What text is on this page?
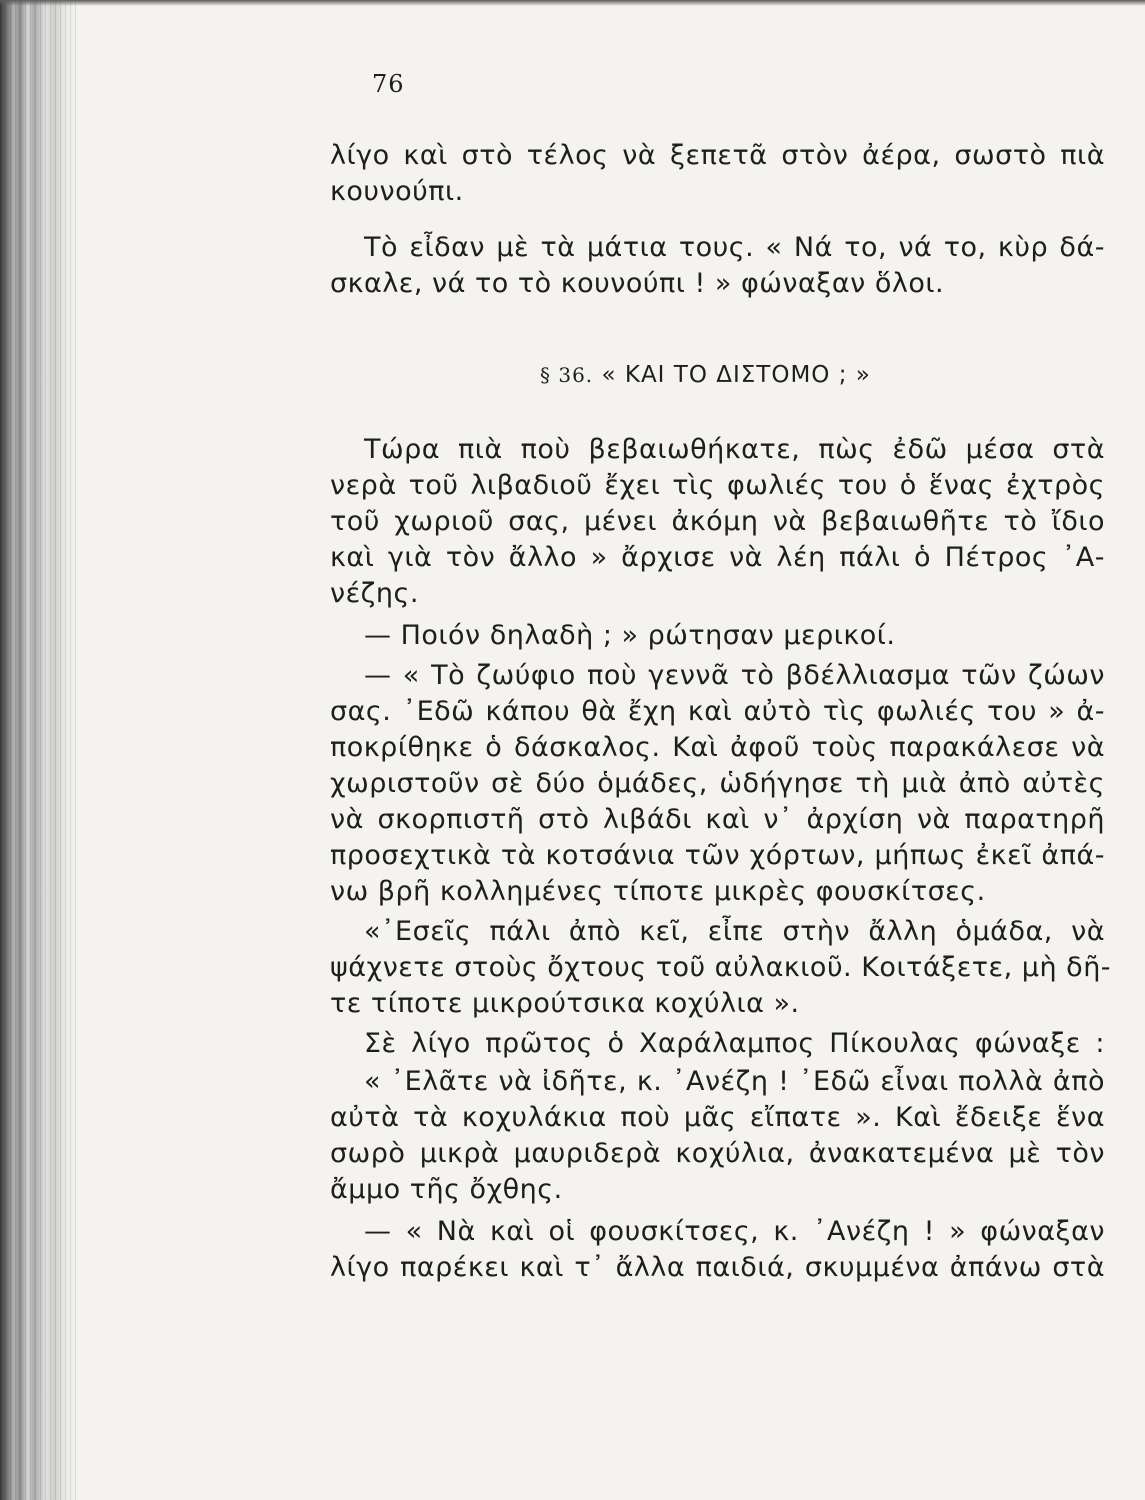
76
λίγο καὶ στὸ τέλος νὰ ξεπετᾶ στὸν ἀέρα, σωστὸ πιὰ
κουνούπι.
Τὸ εἶδαν μὲ τὰ μάτια τους. « Νά το, νά το, κὺρ δά-
σκαλε, νά το τὸ κουνούπι ! » φώναξαν ὅλοι.
§ 36. « ΚΑΙ ΤΟ ΔΙΣΤΟΜΟ ; »
Τώρα πιὰ ποὺ βεβαιωθήκατε, πὼς ἐδῶ μέσα στὰ
νερὰ τοῦ λιβαδιοῦ ἔχει τὶς φωλιές του ὁ ἕνας ἐχτρὸς
τοῦ χωριοῦ σας, μένει ἀκόμη νὰ βεβαιωθῆτε τὸ ἴδιο
καὶ γιὰ τὸν ἄλλο » ἄρχισε νὰ λέη πάλι ὁ Πέτρος ᾿Α-
νέζης.
— Ποιόν δηλαδὴ ; » ρώτησαν μερικοί.
— « Τὸ ζωύφιο ποὺ γεννᾶ τὸ βδέλλιασμα τῶν ζώων
σας. ᾿Εδῶ κάπου θὰ ἔχη καὶ αὐτὸ τὶς φωλιές του » ἀ-
ποκρίθηκε ὁ δάσκαλος. Καὶ ἀφοῦ τοὺς παρακάλεσε νὰ
χωριστοῦν σὲ δύο ὁμάδες, ὡδήγησε τὴ μιὰ ἀπὸ αὐτὲς
νὰ σκορπιστῆ στὸ λιβάδι καὶ ν᾿ ἀρχίση νὰ παρατηρῆ
προσεχτικὰ τὰ κοτσάνια τῶν χόρτων, μήπως ἐκεῖ ἀπά-
νω βρῆ κολλημένες τίποτε μικρὲς φουσκίτσες.
«᾿Εσεῖς πάλι ἀπὸ κεῖ, εἶπε στὴν ἄλλη ὁμάδα, νὰ
ψάχνετε στοὺς ὄχτους τοῦ αὐλακιοῦ. Κοιτάξετε, μὴ δῆ-
τε τίποτε μικρούτσικα κοχύλια ».
Σὲ λίγο πρῶτος ὁ Χαράλαμπος Πίκουλας φώναξε :
« ᾿Ελᾶτε νὰ ἰδῆτε, κ. ᾿Ανέζη ! ᾿Εδῶ εἶναι πολλὰ ἀπὸ
αὐτὰ τὰ κοχυλάκια ποὺ μᾶς εἴπατε ». Καὶ ἔδειξε ἕνα
σωρὸ μικρὰ μαυριδερὰ κοχύλια, ἀνακατεμένα μὲ τὸν
ἄμμο τῆς ὄχθης.
— « Νὰ καὶ οἱ φουσκίτσες, κ. ᾿Ανέζη ! » φώναξαν
λίγο παρέκει καὶ τ᾿ ἄλλα παιδιά, σκυμμένα ἀπάνω στὰ
